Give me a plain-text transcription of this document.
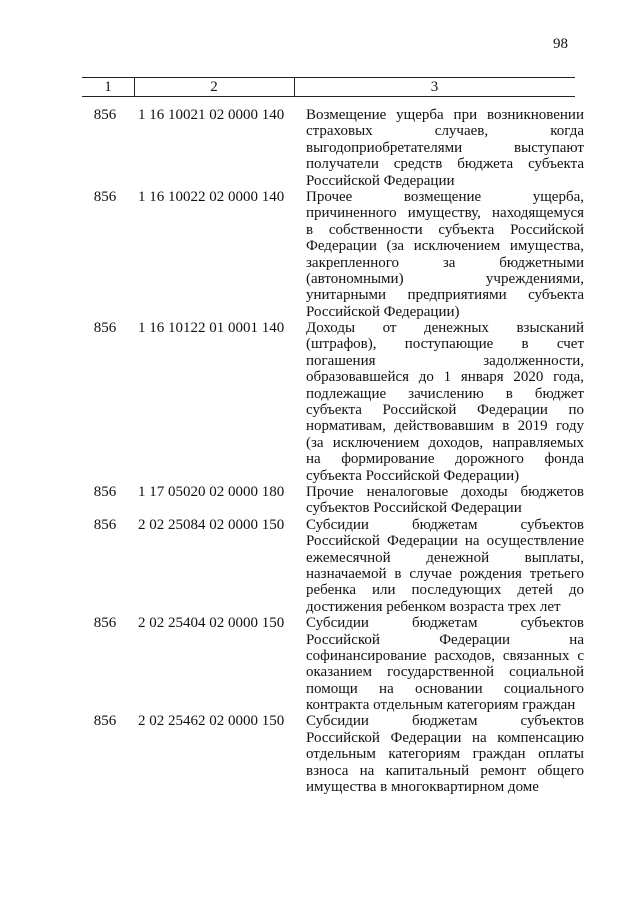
98
1	2	3
856	1 16 10021 02 0000 140	Возмещение ущерба при возникновении
страховых случаев, когда
выгодоприобретателями выступают
получатели средств бюджета субъекта
Российской Федерации
856	1 16 10022 02 0000 140	Прочее возмещение ущерба,
причиненного имуществу, находящемуся
в собственности субъекта Российской
Федерации (за исключением имущества,
закрепленного за бюджетными
(автономными) учреждениями,
унитарными предприятиями субъекта
Российской Федерации)
856	1 16 10122 01 0001 140	Доходы от денежных взысканий
(штрафов), поступающие в счет
погашения задолженности,
образовавшейся до 1 января 2020 года,
подлежащие зачислению в бюджет
субъекта Российской Федерации по
нормативам, действовавшим в 2019 году
(за исключением доходов, направляемых
на формирование дорожного фонда
субъекта Российской Федерации)
856	1 17 05020 02 0000 180	Прочие неналоговые доходы бюджетов
субъектов Российской Федерации
856	2 02 25084 02 0000 150	Субсидии бюджетам субъектов
Российской Федерации на осуществление
ежемесячной денежной выплаты,
назначаемой в случае рождения третьего
ребенка или последующих детей до
достижения ребенком возраста трех лет
856	2 02 25404 02 0000 150	Субсидии бюджетам субъектов
Российской Федерации на
софинансирование расходов, связанных с
оказанием государственной социальной
помощи на основании социального
контракта отдельным категориям граждан
856	2 02 25462 02 0000 150	Субсидии бюджетам субъектов
Российской Федерации на компенсацию
отдельным категориям граждан оплаты
взноса на капитальный ремонт общего
имущества в многоквартирном доме
